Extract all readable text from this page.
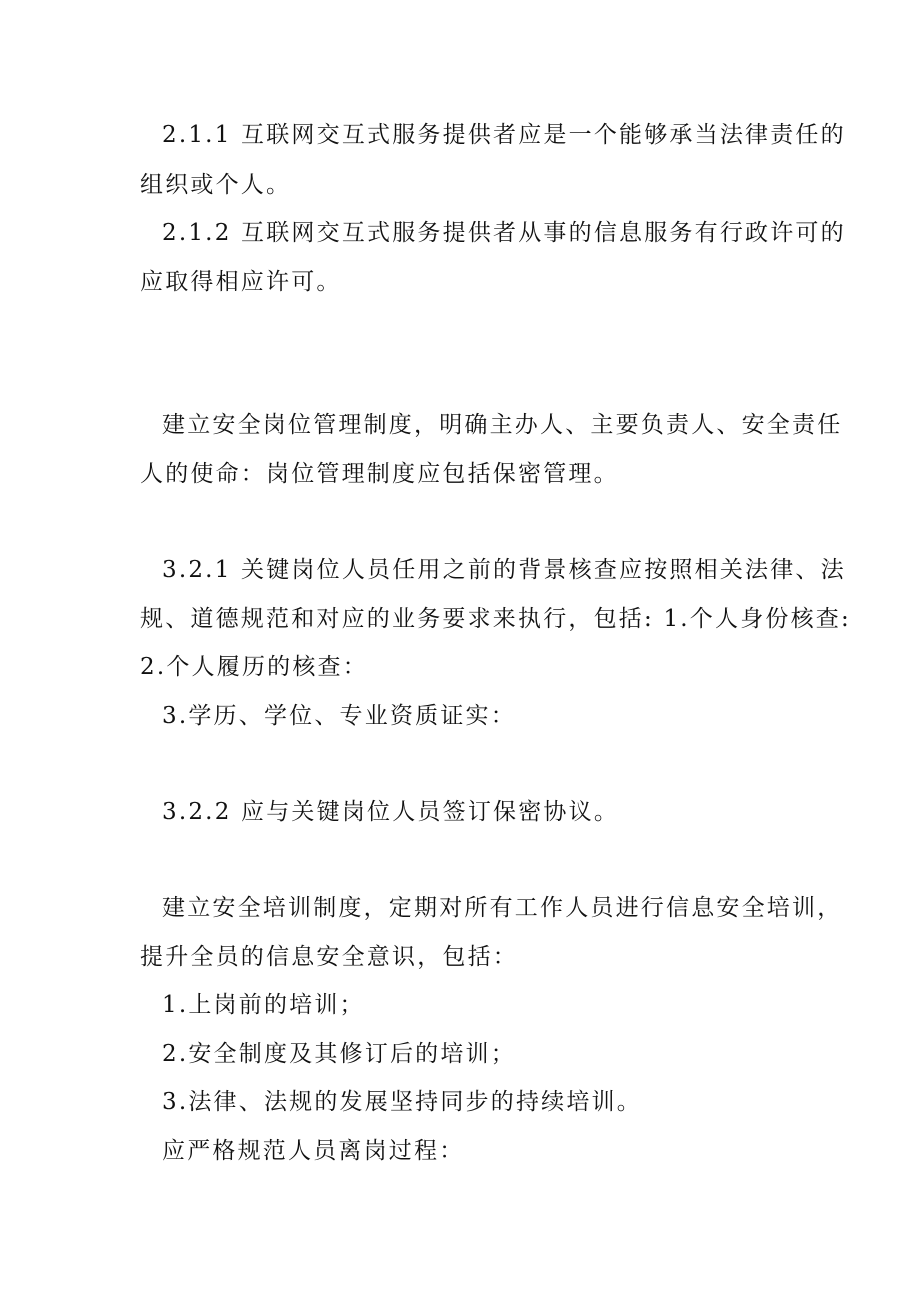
2.1.1 互联网交互式服务提供者应是一个能够承当法律责任的

组织或个人。

2.1.2 互联网交互式服务提供者从事的信息服务有行政许可的

应取得相应许可。

建立安全岗位管理制度，明确主办人、主要负责人、安全责任

人的使命：岗位管理制度应包括保密管理。

3.2.1 关键岗位人员任用之前的背景核查应按照相关法律、法

规、道德规范和对应的业务要求来执行，包括: 1.个人身份核查:

2.个人履历的核查：

3.学历、学位、专业资质证实：

3.2.2 应与关键岗位人员签订保密协议。

建立安全培训制度，定期对所有工作人员进行信息安全培训，

提升全员的信息安全意识，包括：

1.上岗前的培训；

2.安全制度及其修订后的培训；

3.法律、法规的发展坚持同步的持续培训。

应严格规范人员离岗过程：
